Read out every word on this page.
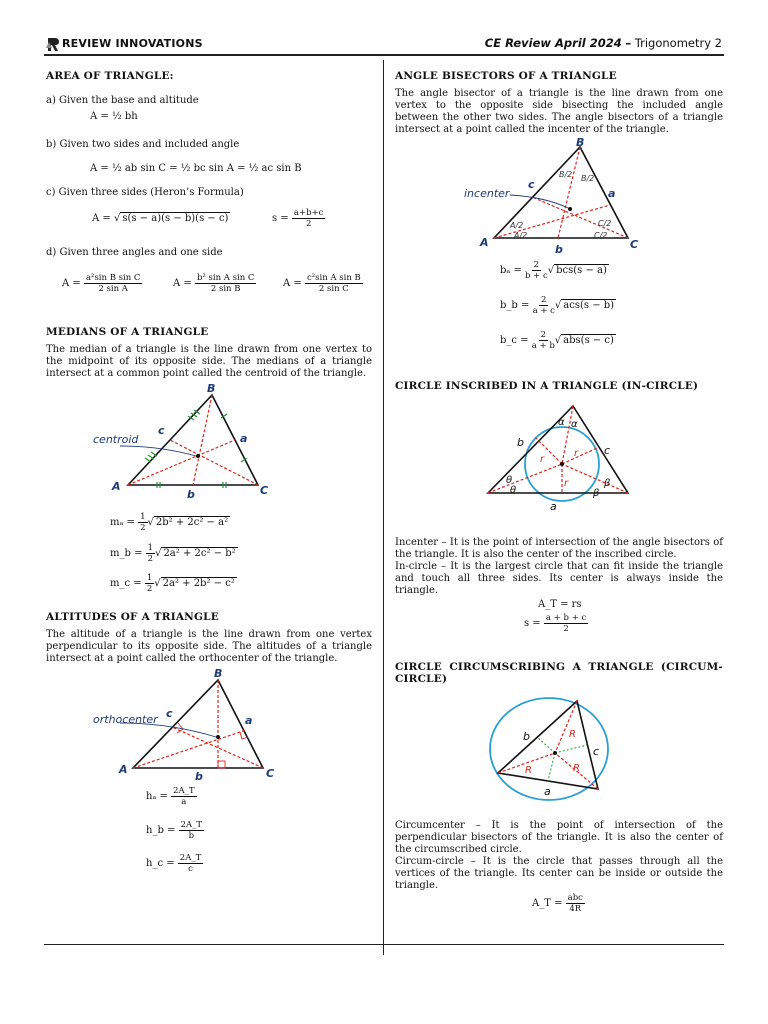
REVIEW INNOVATIONS	CE Review April 2024 – Trigonometry 2
AREA OF TRIANGLE:
a) Given the base and altitude
A = ½ bh
b) Given two sides and included angle
A = ½ ab sin C = ½ bc sin A = ½ ac sin B
c) Given three sides (Heron’s Formula)
A = √ s(s − a)(s − b)(s − c)	$s = \frac{a+b+c}{2}$
d) Given three angles and one side
$A = \frac{\text{a²sin B sin C}}{\text{2 sin A}}$	$A = \frac{\text{b² sin A sin C}}{\text{2 sin B}}$	$A = \frac{\text{c²sin A sin B}}{\text{2 sin C}}$
MEDIANS OF A TRIANGLE
The median of a triangle is the line drawn from one vertex to the midpoint of its opposite side. The medians of a triangle intersect at a common point called the centroid of the triangle.
centroid
A
B
C
a
b
c
$m_a = \frac{1}{2}$ √ 2b² + 2c² − a²
m_b = $\frac{1}{2}$ √ 2a² + 2c² − b²
m_c = $\frac{1}{2}$ √ 2a² + 2b² − c²
ALTITUDES OF A TRIANGLE
The altitude of a triangle is the line drawn from one vertex perpendicular to its opposite side. The altitudes of a triangle intersect at a point called the orthocenter of the triangle.
orthocenter
A
B
C
a
b
c
$h_a = \frac{2A\_T}{a}$
h_b = $\frac{2A\_T}{b}$
h_c = $\frac{2A\_T}{c}$
ANGLE BISECTORS OF A TRIANGLE
The angle bisector of a triangle is the line drawn from one vertex to the opposite side bisecting the included angle between the other two sides. The angle bisectors of a triangle intersect at a point called the incenter of the triangle.
incenter
A
B
C
a
b
c
A/2
A/2
B/2 B/2
C/2
C/2
$b_a = \frac{2}{b + c}$ √ bcs(s − a)
b_b = $\frac{2}{a + c}$ √ acs(s − b)
b_c = $\frac{2}{a + b}$ √ abs(s − c)
CIRCLE INSCRIBED IN A TRIANGLE (IN-CIRCLE)
b
c
a
r
r
r
α α
θ
θ
β
β
Incenter – It is the point of intersection of the angle bisectors of the triangle. It is also the center of the inscribed circle.
In-circle – It is the largest circle that can fit inside the triangle and touch all three sides. Its center is always inside the triangle.
A_T = rs
$s = \frac{a + b + c}{2}$
CIRCLE CIRCUMSCRIBING A TRIANGLE (CIRCUM-CIRCLE)
b
c
a
R
R	R
Circumcenter – It is the point of intersection of the perpendicular bisectors of the triangle. It is also the center of the circumscribed circle.
Circum-circle – It is the circle that passes through all the vertices of the triangle. Its center can be inside or outside the triangle.
A_T = $\frac{\text{abc}}{4R}$
